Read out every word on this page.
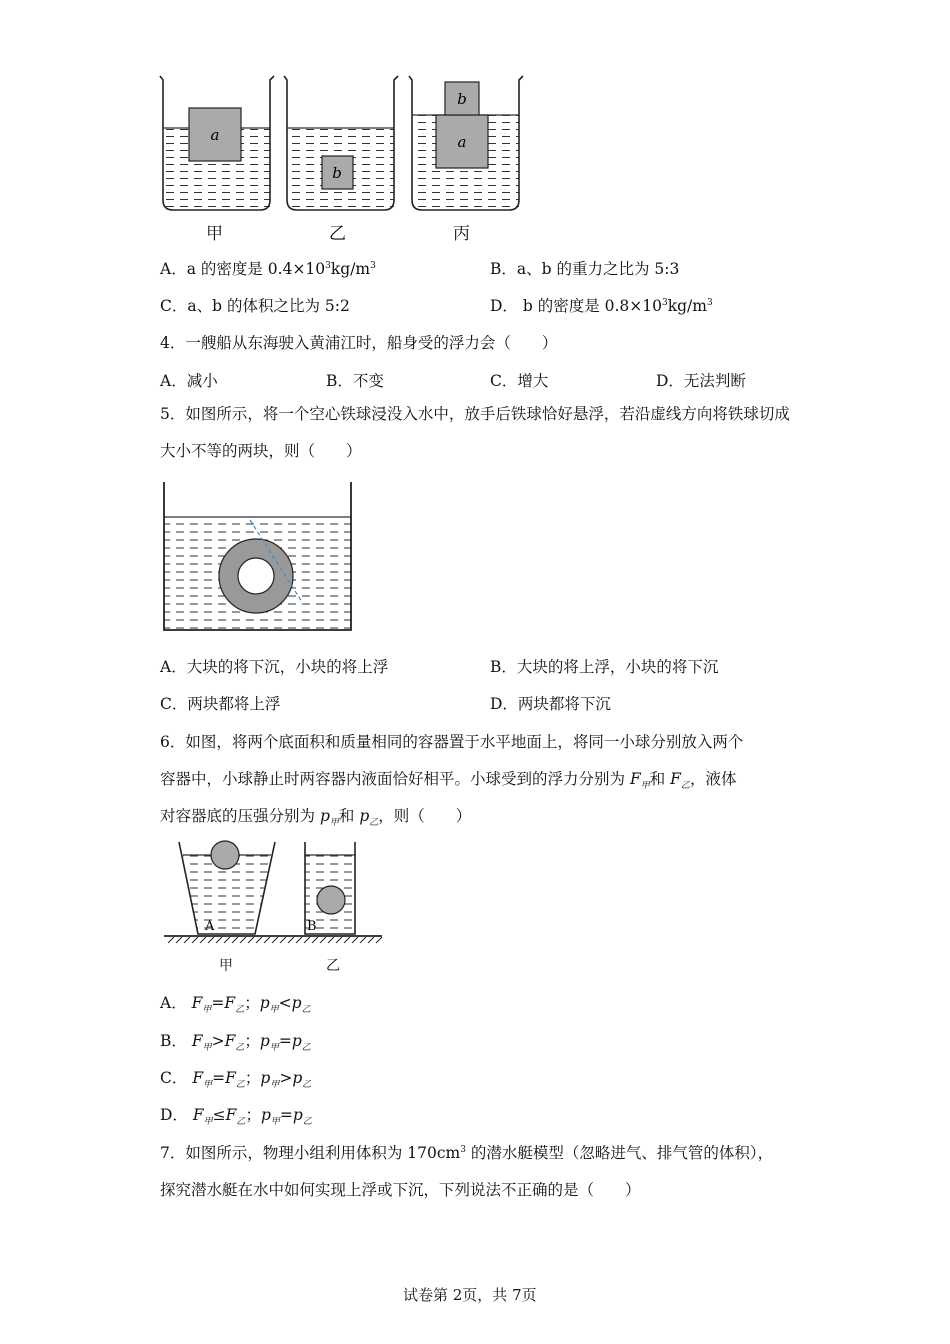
a
b
a
b
甲	乙	丙
A．a 的密度是 $0.4\times 10^3kg/m^3$	B．a、b 的重力之比为 5:3
C．a、b 的体积之比为 5:2	D． b 的密度是 $0.8\times 10^3kg/m^3$
4．一艘船从东海驶入黄浦江时，船身受的浮力会（　　）
A．减小	B．不变	C．增大	D．无法判断
5．如图所示，将一个空心铁球浸没入水中，放手后铁球恰好悬浮，若沿虚线方向将铁球切成大小不等的两块，则（　　）
A．大块的将下沉，小块的将上浮	B．大块的将上浮，小块的将下沉
C．两块都将上浮	D．两块都将下沉
6．如图，将两个底面积和质量相同的容器置于水平地面上，将同一小球分别放入两个
容器中，小球静止时两容器内液面恰好相平。小球受到的浮力分别为 $F_甲$和 $F_乙$，液体
对容器底的压强分别为 $p_甲$和 $p_乙$，则（　　）
A	B
甲	乙
A． $F_甲=F_乙$；$p_甲<p_乙$
B． $F_甲>F_乙$；$p_甲=p_乙$
C． $F_甲=F_乙$；$p_甲>p_乙$
D． $F_甲\le F_乙$；$p_甲=p_乙$
7．如图所示，物理小组利用体积为 $170cm^3$ 的潜水艇模型（忽略进气、排气管的体积），
探究潜水艇在水中如何实现上浮或下沉，下列说法不正确的是（　　）
试卷第 2页，共 7页
